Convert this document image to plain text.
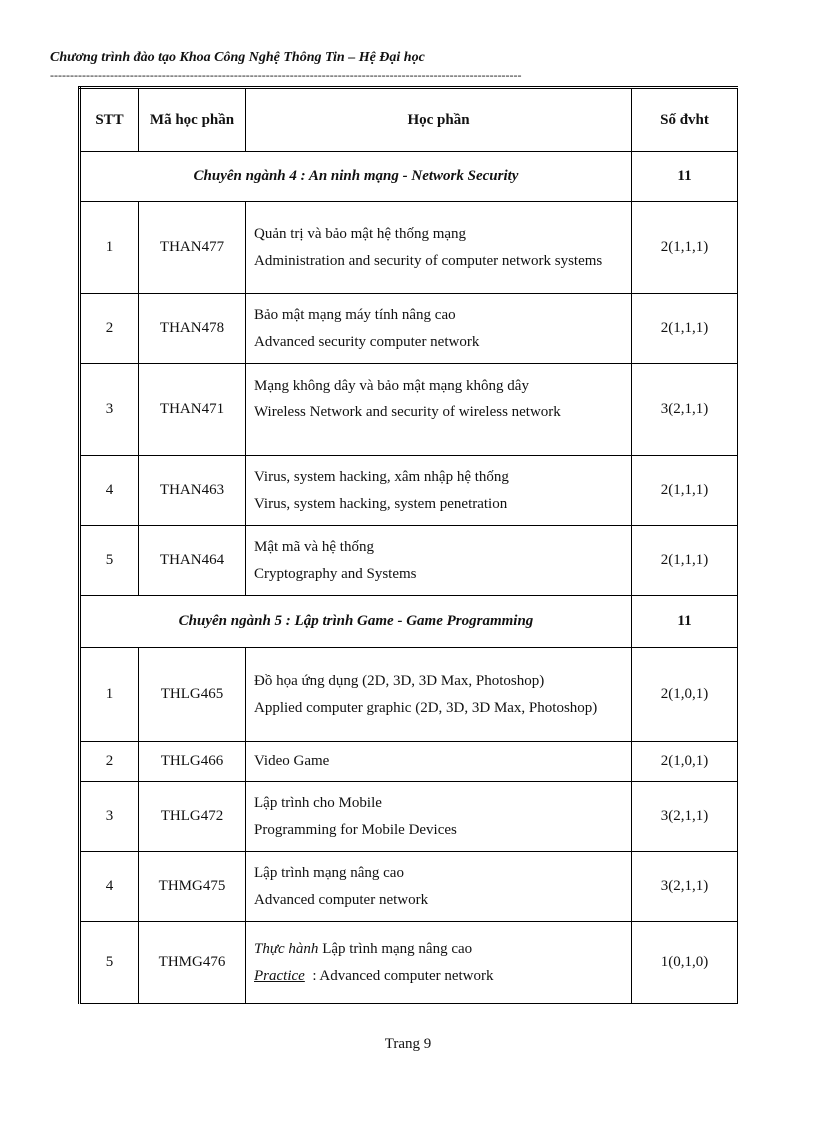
Chương trình đào tạo Khoa Công Nghệ Thông Tin – Hệ Đại học
----------------------------------------------------------------------------------------------------------------------
STT	Mã học phần	Học phần	Số đvht
Chuyên ngành 4 : An ninh mạng - Network Security			11
1	THAN477	Quản trị và bảo mật hệ thống mạng
Administration and security of computer network systems	2(1,1,1)
2	THAN478	Bảo mật mạng máy tính nâng cao
Advanced security computer network	2(1,1,1)
3	THAN471	Mạng không dây và bảo mật mạng không dây
Wireless Network and security of wireless network	3(2,1,1)
4	THAN463	Virus, system hacking, xâm nhập hệ thống
Virus, system hacking, system penetration	2(1,1,1)
5	THAN464	Mật mã và hệ thống
Cryptography and Systems	2(1,1,1)
Chuyên ngành 5 : Lập trình Game - Game Programming			11
1	THLG465	Đồ họa ứng dụng (2D, 3D, 3D Max, Photoshop)
Applied computer graphic (2D, 3D, 3D Max, Photoshop)	2(1,0,1)
2	THLG466	Video Game	2(1,0,1)
3	THLG472	Lập trình cho Mobile
Programming for Mobile Devices	3(2,1,1)
4	THMG475	Lập trình mạng nâng cao
Advanced computer network	3(2,1,1)
5	THMG476	Thực hành Lập trình mạng nâng cao
Practice  : Advanced computer network	1(0,1,0)
Trang 9
